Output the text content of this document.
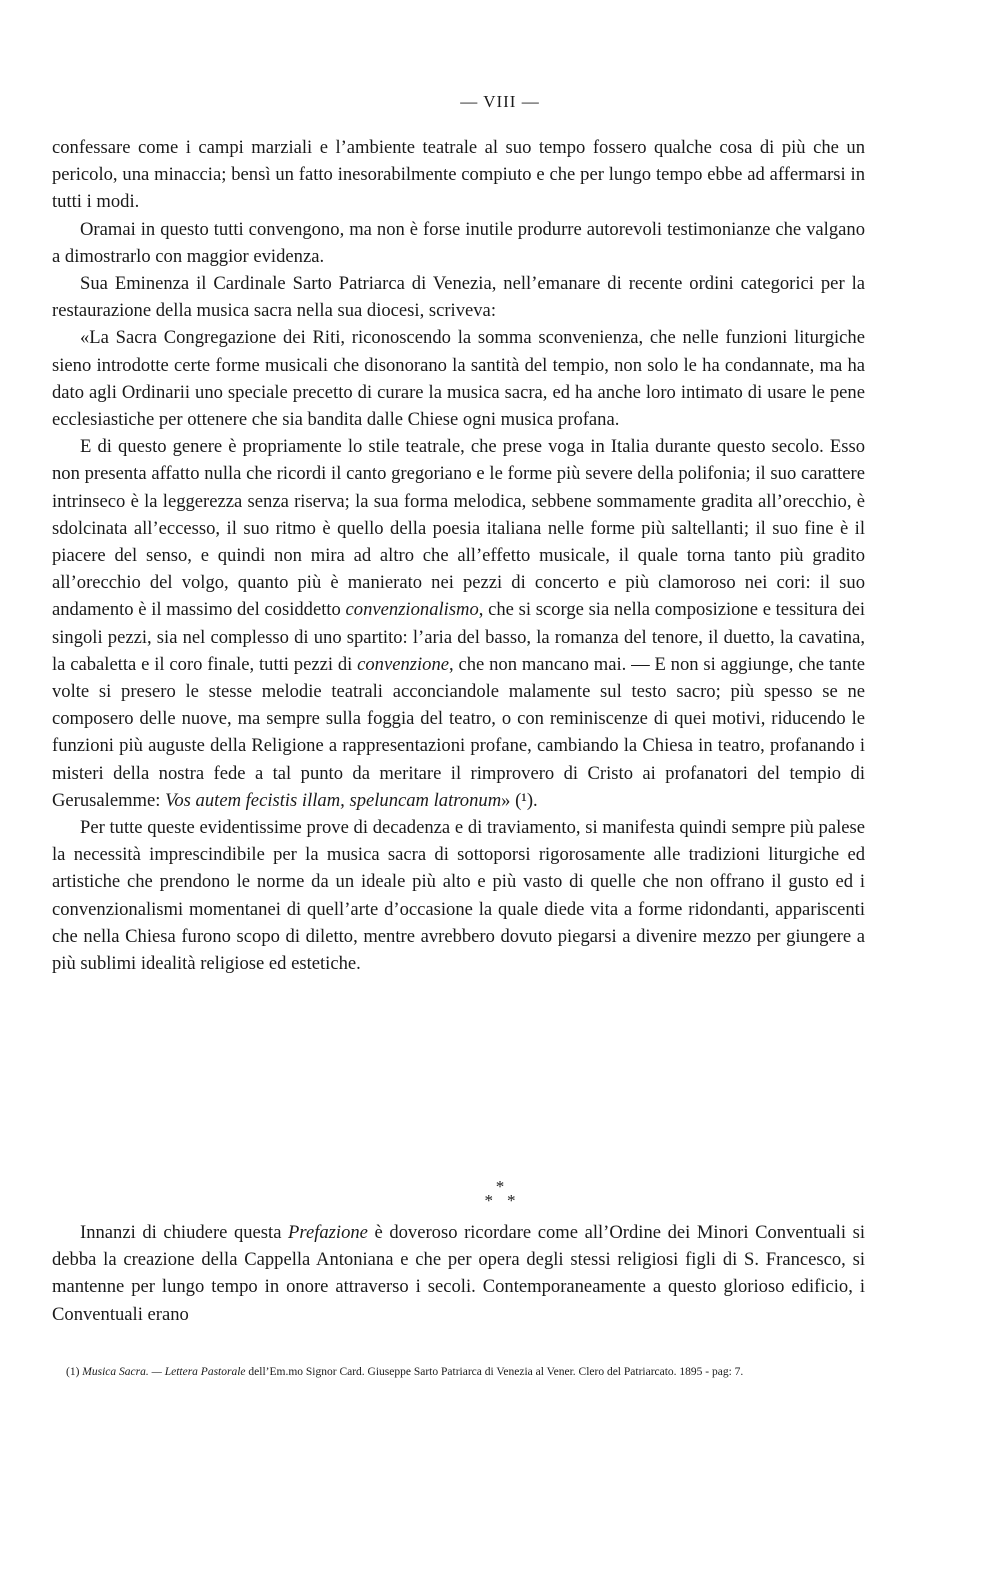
— VIII —

confessare come i campi marziali e l’ambiente teatrale al suo tempo fossero qualche cosa di più che un pericolo, una minaccia; bensì un fatto inesorabilmente compiuto e che per lungo tempo ebbe ad affermarsi in tutti i modi.

Oramai in questo tutti convengono, ma non è forse inutile produrre autorevoli testimonianze che valgano a dimostrarlo con maggior evidenza.

Sua Eminenza il Cardinale Sarto Patriarca di Venezia, nell’emanare di recente ordini categorici per la restaurazione della musica sacra nella sua diocesi, scriveva:

«La Sacra Congregazione dei Riti, riconoscendo la somma sconvenienza, che nelle funzioni liturgiche sieno introdotte certe forme musicali che disonorano la santità del tempio, non solo le ha condannate, ma ha dato agli Ordinarii uno speciale precetto di curare la musica sacra, ed ha anche loro intimato di usare le pene ecclesiastiche per ottenere che sia bandita dalle Chiese ogni musica profana.

E di questo genere è propriamente lo stile teatrale, che prese voga in Italia durante questo secolo. Esso non presenta affatto nulla che ricordi il canto gregoriano e le forme più severe della polifonia; il suo carattere intrinseco è la leggerezza senza riserva; la sua forma melodica, sebbene sommamente gradita all’orecchio, è sdolcinata all’eccesso, il suo ritmo è quello della poesia italiana nelle forme più saltellanti; il suo fine è il piacere del senso, e quindi non mira ad altro che all’effetto musicale, il quale torna tanto più gradito all’orecchio del volgo, quanto più è manierato nei pezzi di concerto e più clamoroso nei cori: il suo andamento è il massimo del cosiddetto convenzionalismo, che si scorge sia nella composizione e tessitura dei singoli pezzi, sia nel complesso di uno spartito: l’aria del basso, la romanza del tenore, il duetto, la cavatina, la cabaletta e il coro finale, tutti pezzi di convenzione, che non mancano mai. — E non si aggiunge, che tante volte si presero le stesse melodie teatrali acconciandole malamente sul testo sacro; più spesso se ne composero delle nuove, ma sempre sulla foggia del teatro, o con reminiscenze di quei motivi, riducendo le funzioni più auguste della Religione a rappresentazioni profane, cambiando la Chiesa in teatro, profanando i misteri della nostra fede a tal punto da meritare il rimprovero di Cristo ai profanatori del tempio di Gerusalemme: Vos autem fecistis illam, speluncam latronum» (¹).

Per tutte queste evidentissime prove di decadenza e di traviamento, si manifesta quindi sempre più palese la necessità imprescindibile per la musica sacra di sottoporsi rigorosamente alle tradizioni liturgiche ed artistiche che prendono le norme da un ideale più alto e più vasto di quelle che non offrano il gusto ed i convenzionalismi momentanei di quell’arte d’occasione la quale diede vita a forme ridondanti, appariscenti che nella Chiesa furono scopo di diletto, mentre avrebbero dovuto piegarsi a divenire mezzo per giungere a più sublimi idealità religiose ed estetiche.

*
**

Innanzi di chiudere questa Prefazione è doveroso ricordare come all’Ordine dei Minori Conventuali si debba la creazione della Cappella Antoniana e che per opera degli stessi religiosi figli di S. Francesco, si mantenne per lungo tempo in onore attraverso i secoli. Contemporaneamente a questo glorioso edificio, i Conventuali erano

(1) Musica Sacra. — Lettera Pastorale dell’Em.mo Signor Card. Giuseppe Sarto Patriarca di Venezia al Vener. Clero del Patriarcato. 1895 - pag: 7.
